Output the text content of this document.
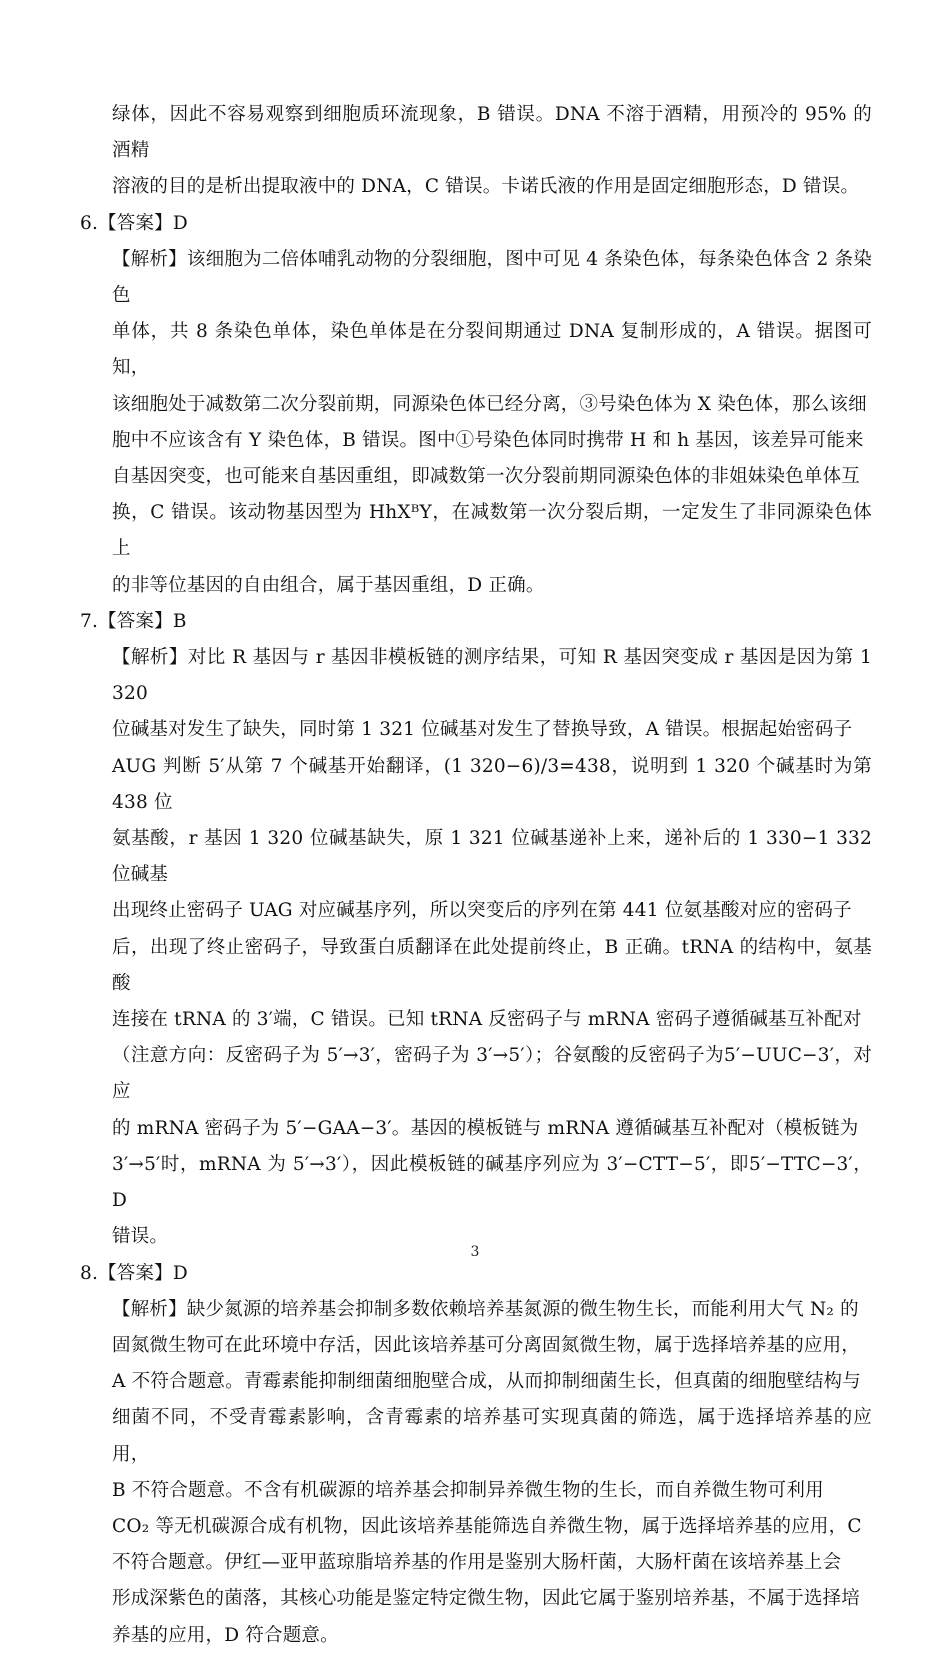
绿体，因此不容易观察到细胞质环流现象，B 错误。DNA 不溶于酒精，用预冷的 95% 的酒精

溶液的目的是析出提取液中的 DNA，C 错误。卡诺氏液的作用是固定细胞形态，D 错误。

6.【答案】D

【解析】该细胞为二倍体哺乳动物的分裂细胞，图中可见 4 条染色体，每条染色体含 2 条染色

单体，共 8 条染色单体，染色单体是在分裂间期通过 DNA 复制形成的，A 错误。据图可知，

该细胞处于减数第二次分裂前期，同源染色体已经分离，③号染色体为 X 染色体，那么该细

胞中不应该含有 Y 染色体，B 错误。图中①号染色体同时携带 H 和 h 基因，该差异可能来

自基因突变，也可能来自基因重组，即减数第一次分裂前期同源染色体的非姐妹染色单体互

换，C 错误。该动物基因型为 HhXᴮY，在减数第一次分裂后期，一定发生了非同源染色体上

的非等位基因的自由组合，属于基因重组，D 正确。

7.【答案】B

【解析】对比 R 基因与 r 基因非模板链的测序结果，可知 R 基因突变成 r 基因是因为第 1 320

位碱基对发生了缺失，同时第 1 321 位碱基对发生了替换导致，A 错误。根据起始密码子

AUG 判断 5′从第 7 个碱基开始翻译，(1 320−6)/3=438，说明到 1 320 个碱基时为第 438 位

氨基酸，r 基因 1 320 位碱基缺失，原 1 321 位碱基递补上来，递补后的 1 330−1 332 位碱基

出现终止密码子 UAG 对应碱基序列，所以突变后的序列在第 441 位氨基酸对应的密码子

后，出现了终止密码子，导致蛋白质翻译在此处提前终止，B 正确。tRNA 的结构中，氨基酸

连接在 tRNA 的 3′端，C 错误。已知 tRNA 反密码子与 mRNA 密码子遵循碱基互补配对

（注意方向：反密码子为 5′→3′，密码子为 3′→5′）；谷氨酸的反密码子为5′−UUC−3′，对应

的 mRNA 密码子为 5′−GAA−3′。基因的模板链与 mRNA 遵循碱基互补配对（模板链为

3′→5′时，mRNA 为 5′→3′），因此模板链的碱基序列应为 3′−CTT−5′，即5′−TTC−3′，D

错误。

8.【答案】D

【解析】缺少氮源的培养基会抑制多数依赖培养基氮源的微生物生长，而能利用大气 N₂ 的

固氮微生物可在此环境中存活，因此该培养基可分离固氮微生物，属于选择培养基的应用，

A 不符合题意。青霉素能抑制细菌细胞壁合成，从而抑制细菌生长，但真菌的细胞壁结构与

细菌不同，不受青霉素影响，含青霉素的培养基可实现真菌的筛选，属于选择培养基的应用，

B 不符合题意。不含有机碳源的培养基会抑制异养微生物的生长，而自养微生物可利用

CO₂ 等无机碳源合成有机物，因此该培养基能筛选自养微生物，属于选择培养基的应用，C

不符合题意。伊红—亚甲蓝琼脂培养基的作用是鉴别大肠杆菌，大肠杆菌在该培养基上会

形成深紫色的菌落，其核心功能是鉴定特定微生物，因此它属于鉴别培养基，不属于选择培

养基的应用，D 符合题意。

3
